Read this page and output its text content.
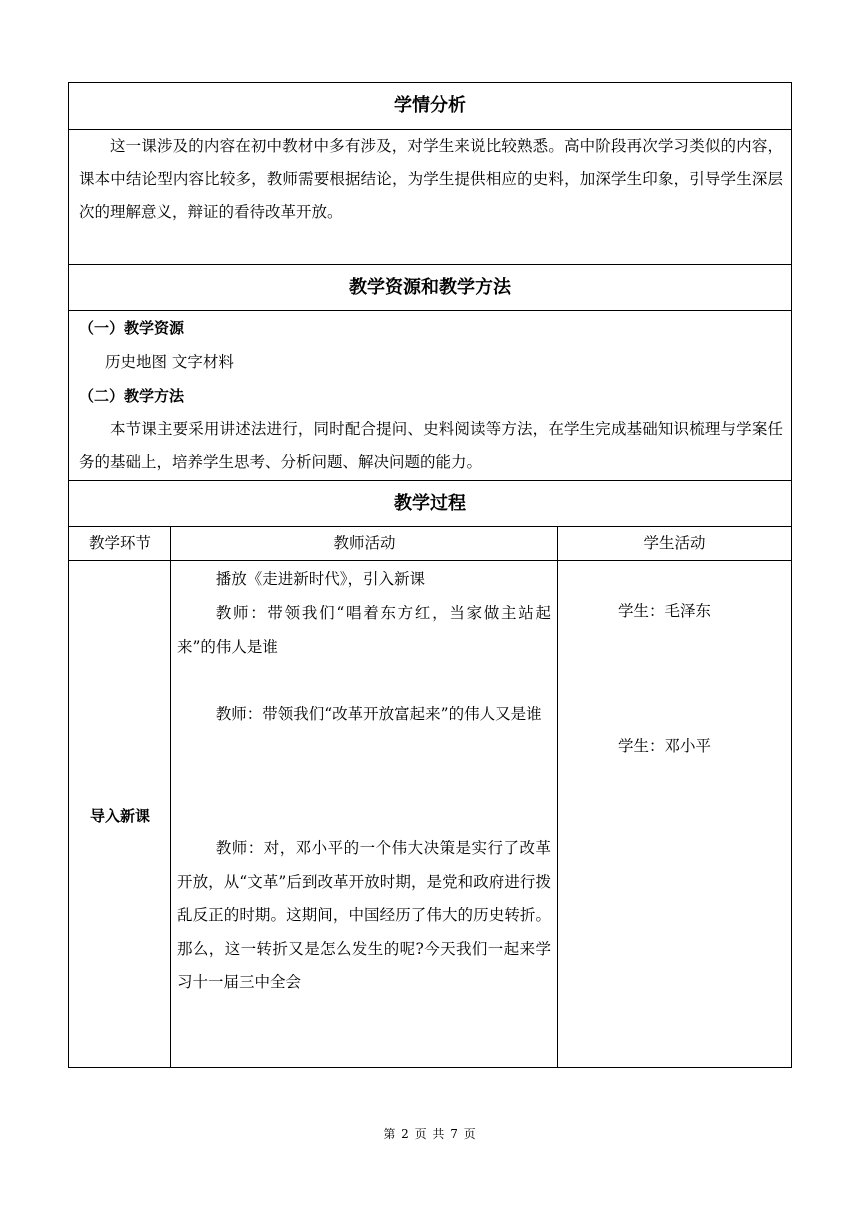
学情分析

这一课涉及的内容在初中教材中多有涉及，对学生来说比较熟悉。高中阶段再次学习类似的内容，课本中结论型内容比较多，教师需要根据结论，为学生提供相应的史料，加深学生印象，引导学生深层次的理解意义，辩证的看待改革开放。

教学资源和教学方法
（一）教学资源
历史地图 文字材料
（二）教学方法

本节课主要采用讲述法进行，同时配合提问、史料阅读等方法，在学生完成基础知识梳理与学案任务的基础上，培养学生思考、分析问题、解决问题的能力。

教学过程
教学环节	教师活动	学生活动
导入新课

播放《走进新时代》，引入新课

教师：带领我们“唱着东方红，当家做主站起来”的伟人是谁

教师：带领我们“改革开放富起来”的伟人又是谁

教师：对，邓小平的一个伟大决策是实行了改革开放，从“文革”后到改革开放时期，是党和政府进行拨乱反正的时期。这期间，中国经历了伟大的历史转折。那么，这一转折又是怎么发生的呢?今天我们一起来学习十一届三中全会

学生：毛泽东
学生：邓小平
第 2 页 共 7 页
